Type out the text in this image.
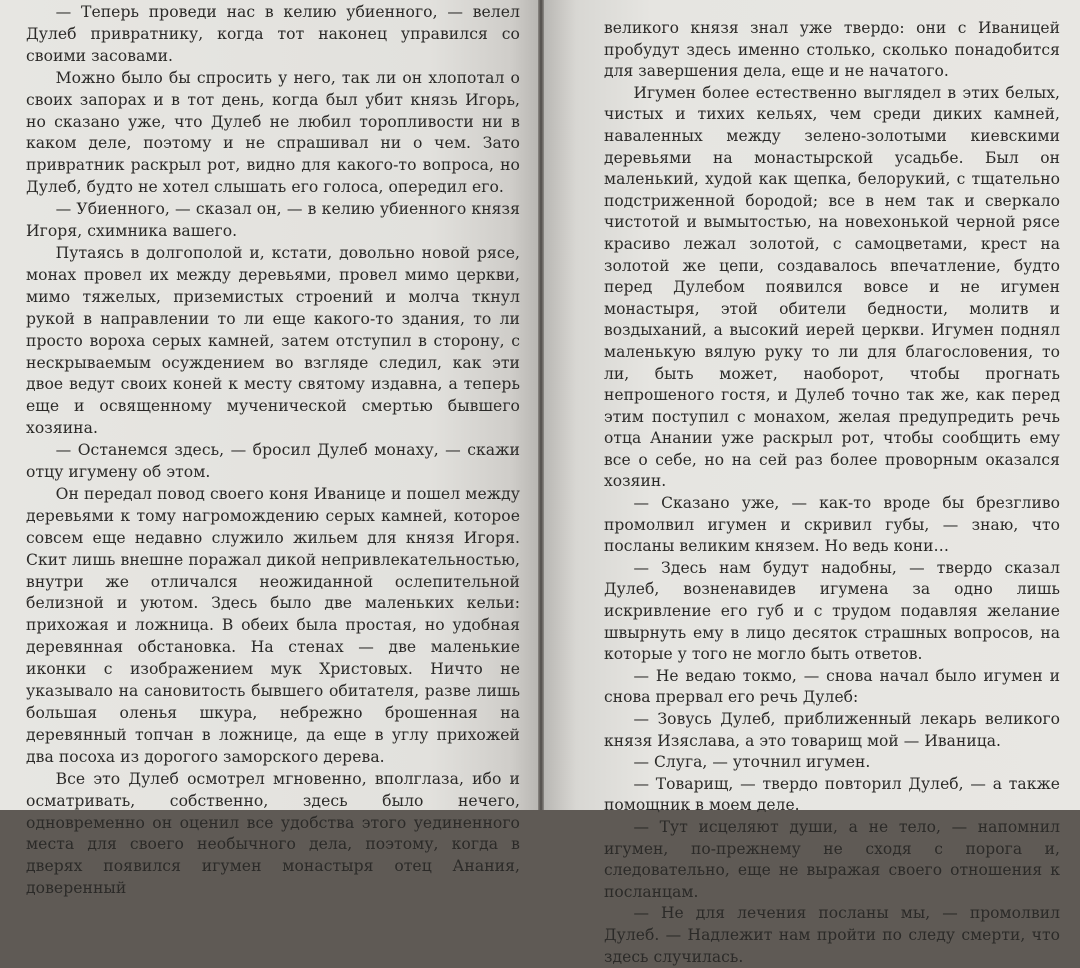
— Теперь проведи нас в келию убиенного, — велел Дулеб привратнику, когда тот наконец управился со своими засовами.

Можно было бы спросить у него, так ли он хлопотал о своих запорах и в тот день, когда был убит князь Игорь, но сказано уже, что Дулеб не любил торопливости ни в каком деле, поэтому и не спрашивал ни о чем. Зато привратник раскрыл рот, видно для какого-то вопроса, но Дулеб, будто не хотел слышать его голоса, опередил его.

— Убиенного, — сказал он, — в келию убиенного князя Игоря, схимника вашего.

Путаясь в долгополой и, кстати, довольно новой рясе, монах провел их между деревьями, провел мимо церкви, мимо тяжелых, приземистых строений и молча ткнул рукой в направлении то ли еще какого-то здания, то ли просто вороха серых камней, затем отступил в сторону, с нескрываемым осуждением во взгляде следил, как эти двое ведут своих коней к месту святому издавна, а теперь еще и освященному мученической смертью бывшего хозяина.

— Останемся здесь, — бросил Дулеб монаху, — скажи отцу игумену об этом.

Он передал повод своего коня Иванице и пошел между деревьями к тому нагромождению серых камней, которое совсем еще недавно служило жильем для князя Игоря. Скит лишь внешне поражал дикой непривлекательностью, внутри же отличался неожиданной ослепительной белизной и уютом. Здесь было две маленьких кельи: прихожая и ложница. В обеих была простая, но удобная деревянная обстановка. На стенах — две маленькие иконки с изображением мук Христовых. Ничто не указывало на сановитость бывшего обитателя, разве лишь большая оленья шкура, небрежно брошенная на деревянный топчан в ложнице, да еще в углу прихожей два посоха из дорогого заморского дерева.

Все это Дулеб осмотрел мгновенно, вполглаза, ибо и осматривать, собственно, здесь было нечего, одновременно он оценил все удобства этого уединенного места для своего необычного дела, поэтому, когда в дверях появился игумен монастыря отец Анания, доверенный

великого князя знал уже твердо: они с Иваницей пробудут здесь именно столько, сколько понадобится для завершения дела, еще и не начатого.

Игумен более естественно выглядел в этих белых, чистых и тихих кельях, чем среди диких камней, наваленных между зелено-золотыми киевскими деревьями на монастырской усадьбе. Был он маленький, худой как щепка, белорукий, с тщательно подстриженной бородой; все в нем так и сверкало чистотой и вымытостью, на новехонькой черной рясе красиво лежал золотой, с самоцветами, крест на золотой же цепи, создавалось впечатление, будто перед Дулебом появился вовсе и не игумен монастыря, этой обители бедности, молитв и воздыханий, а высокий иерей церкви. Игумен поднял маленькую вялую руку то ли для благословения, то ли, быть может, наоборот, чтобы прогнать непрошеного гостя, и Дулеб точно так же, как перед этим поступил с монахом, желая предупредить речь отца Анании уже раскрыл рот, чтобы сообщить ему все о себе, но на сей раз более проворным оказался хозяин.

— Сказано уже, — как-то вроде бы брезгливо промолвил игумен и скривил губы, — знаю, что посланы великим князем. Но ведь кони…

— Здесь нам будут надобны, — твердо сказал Дулеб, возненавидев игумена за одно лишь искривление его губ и с трудом подавляя желание швырнуть ему в лицо десяток страшных вопросов, на которые у того не могло быть ответов.

— Не ведаю токмо, — снова начал было игумен и снова прервал его речь Дулеб:

— Зовусь Дулеб, приближенный лекарь великого князя Изяслава, а это товарищ мой — Иваница.

— Слуга, — уточнил игумен.

— Товарищ, — твердо повторил Дулеб, — а также помощник в моем деле.

— Тут исцеляют души, а не тело, — напомнил игумен, по-прежнему не сходя с порога и, следовательно, еще не выражая своего отношения к посланцам.

— Не для лечения посланы мы, — промолвил Дулеб. — Надлежит нам пройти по следу смерти, что здесь случилась.
